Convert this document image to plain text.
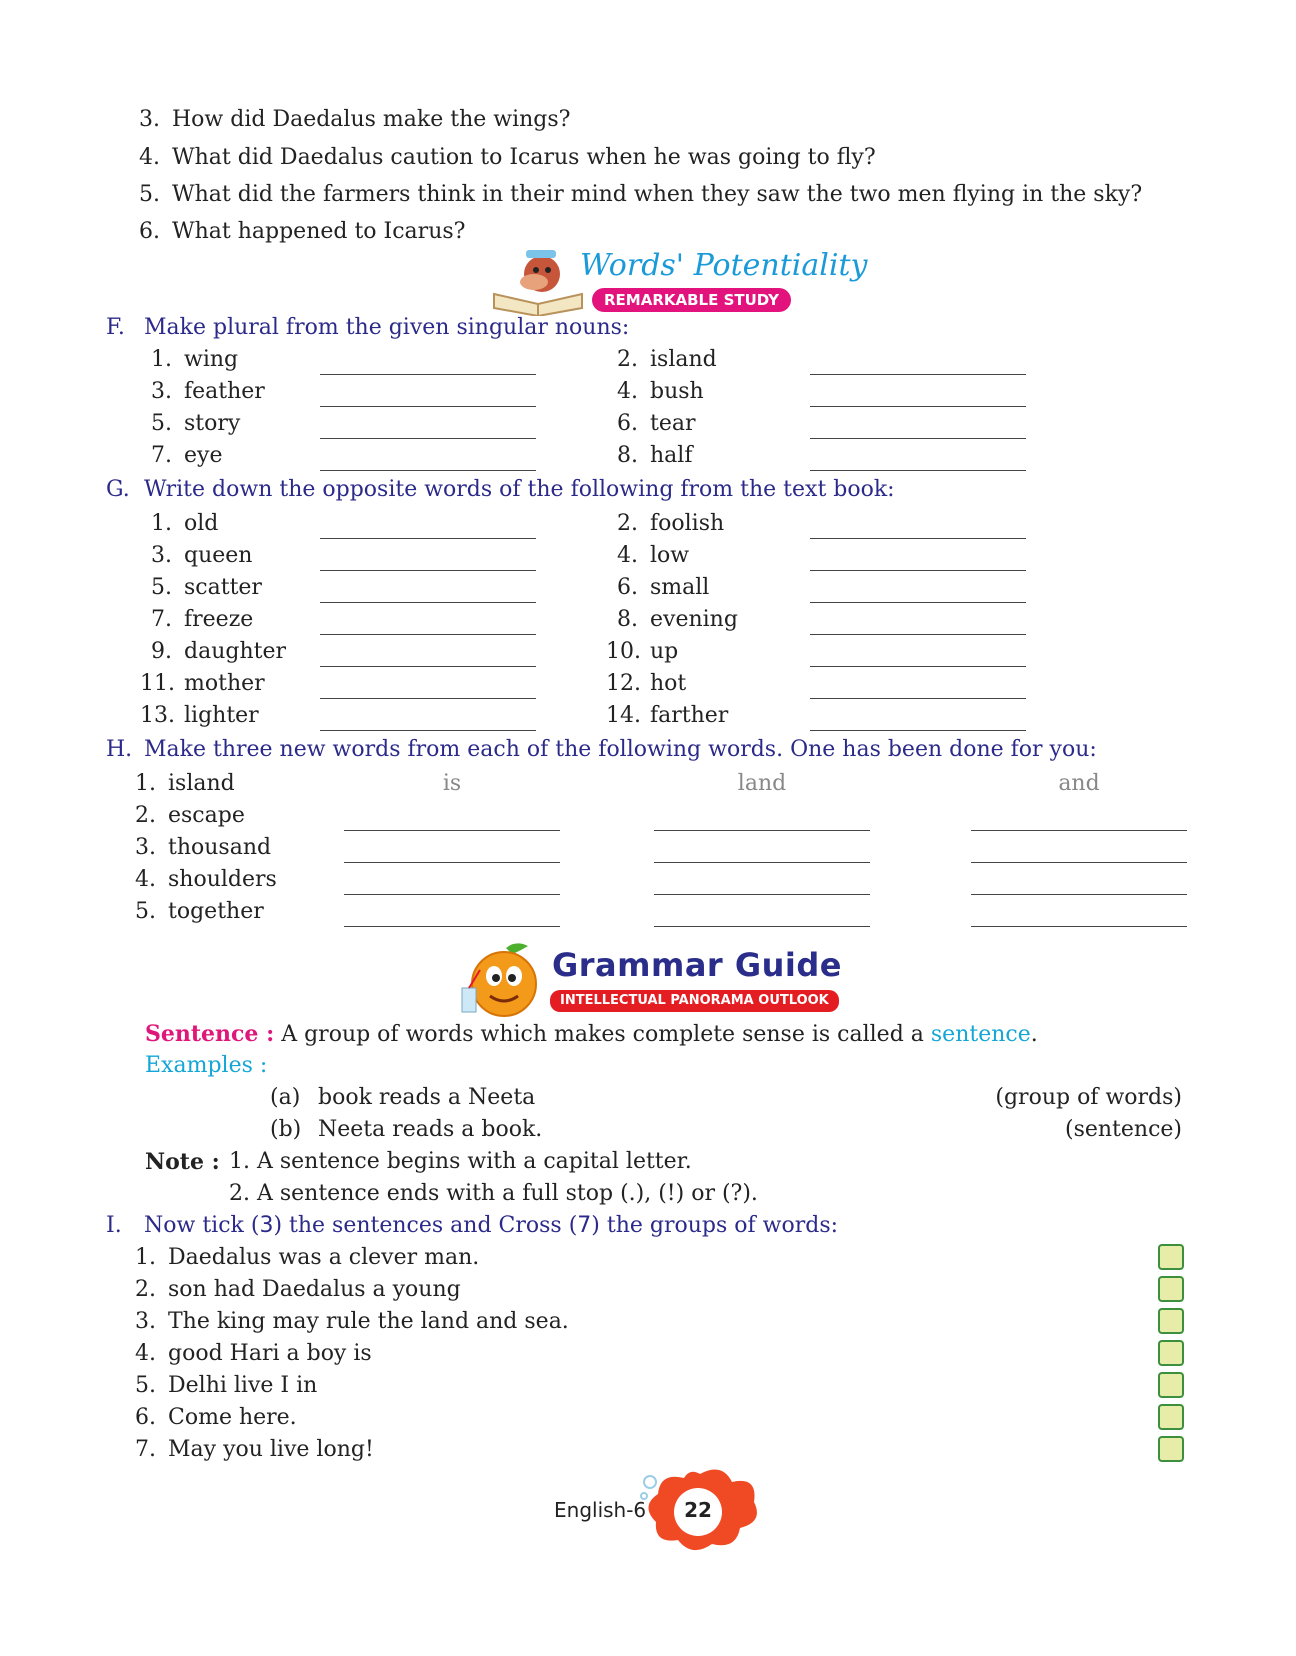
3. How did Daedalus make the wings?
4. What did Daedalus caution to Icarus when he was going to fly?
5. What did the farmers think in their mind when they saw the two men flying in the sky?
6. What happened to Icarus?
Words' Potentiality
REMARKABLE STUDY
F. Make plural from the given singular nouns:
1. wing	2. island
3. feather	4. bush
5. story	6. tear
7. eye	8. half
G. Write down the opposite words of the following from the text book:
1. old	2. foolish
3. queen	4. low
5. scatter	6. small
7. freeze	8. evening
9. daughter	10. up
11. mother	12. hot
13. lighter	14. farther
H. Make three new words from each of the following words. One has been done for you:
1. island	is	land	and
2. escape
3. thousand
4. shoulders
5. together
Grammar Guide
INTELLECTUAL PANORAMA OUTLOOK
Sentence : A group of words which makes complete sense is called a sentence.
Examples :
(a) book reads a Neeta	(group of words)
(b) Neeta reads a book.	(sentence)
Note : 1. A sentence begins with a capital letter.
2. A sentence ends with a full stop (.), (!) or (?).
I. Now tick (3) the sentences and Cross (7) the groups of words:
1. Daedalus was a clever man.
2. son had Daedalus a young
3. The king may rule the land and sea.
4. good Hari a boy is
5. Delhi live I in
6. Come here.
7. May you live long!
English-6	22
